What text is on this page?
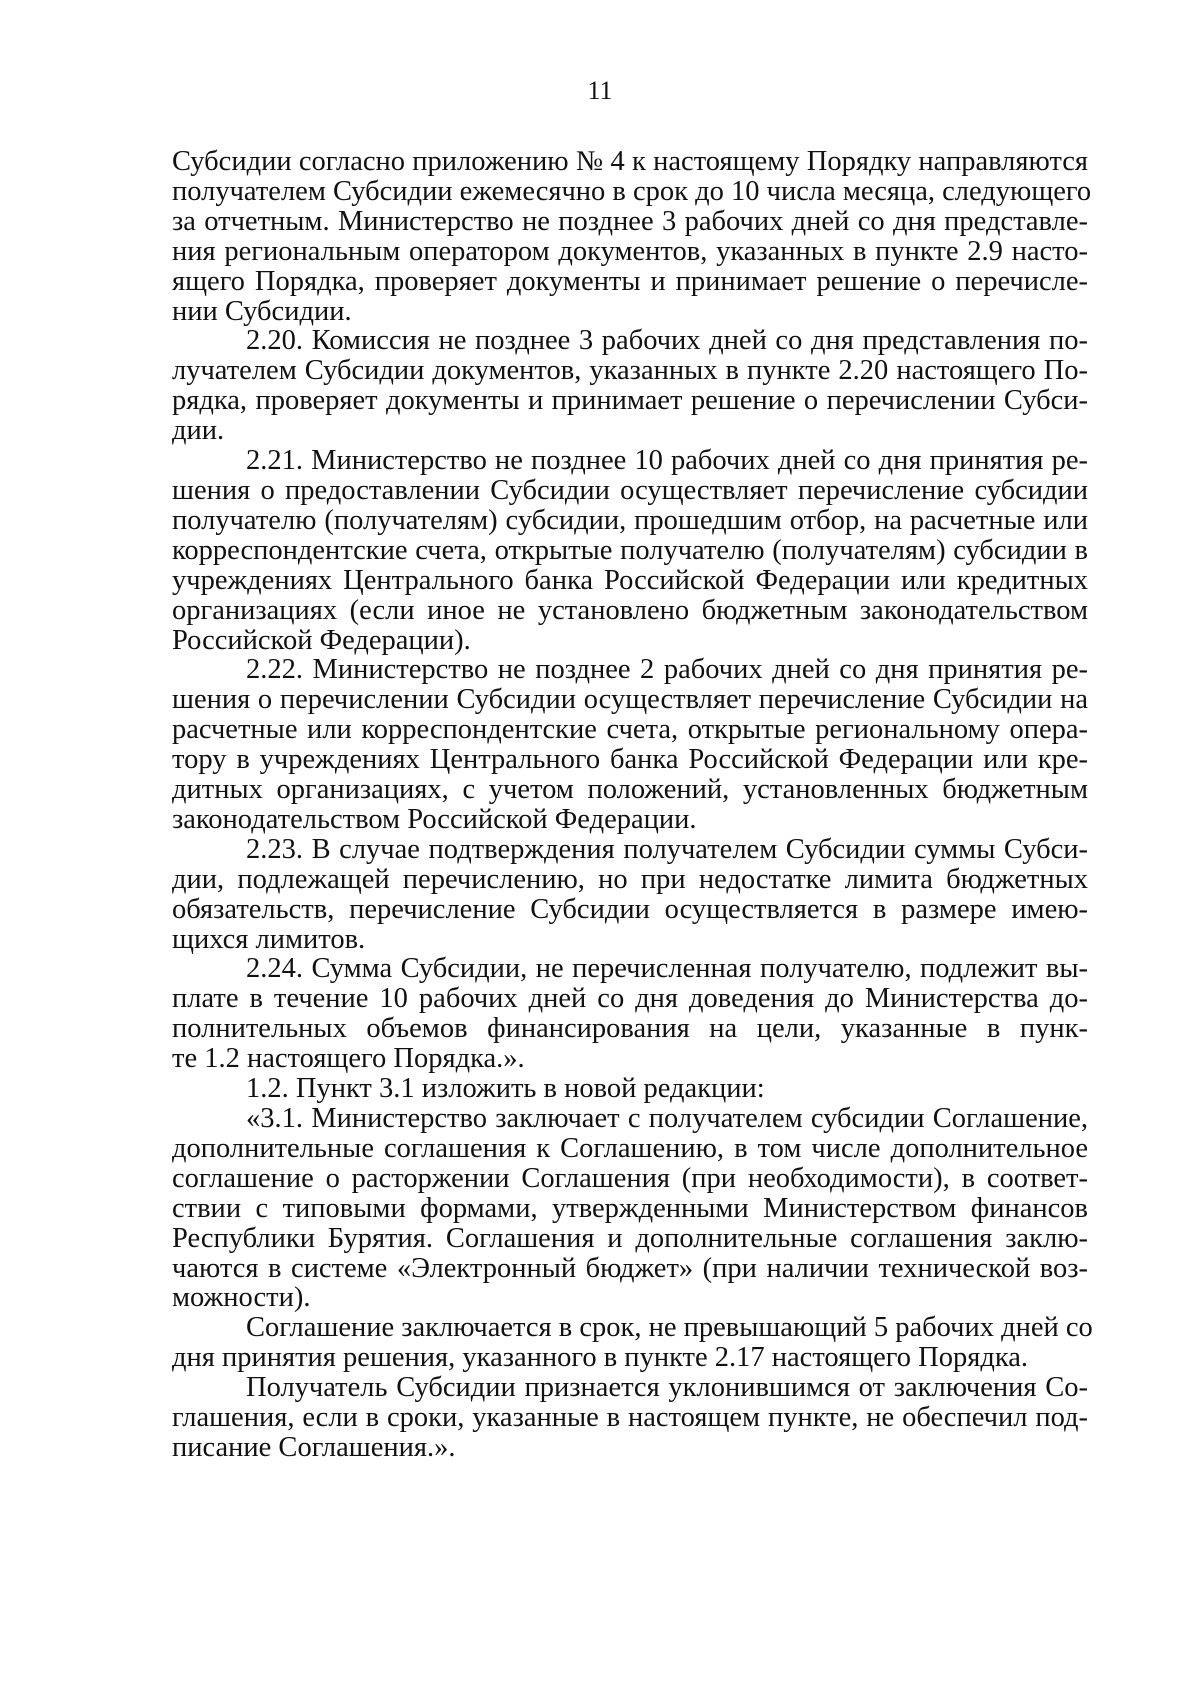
11
Субсидии согласно приложению № 4 к настоящему Порядку направляются
получателем Субсидии ежемесячно в срок до 10 числа месяца, следующего
за отчетным. Министерство не позднее 3 рабочих дней со дня представле-
ния региональным оператором документов, указанных в пункте 2.9 насто-
ящего Порядка, проверяет документы и принимает решение о перечисле-
нии Субсидии.
2.20. Комиссия не позднее 3 рабочих дней со дня представления по-
лучателем Субсидии документов, указанных в пункте 2.20 настоящего По-
рядка, проверяет документы и принимает решение о перечислении Субси-
дии.
2.21. Министерство не позднее 10 рабочих дней со дня принятия ре-
шения о предоставлении Субсидии осуществляет перечисление субсидии
получателю (получателям) субсидии, прошедшим отбор, на расчетные или
корреспондентские счета, открытые получателю (получателям) субсидии в
учреждениях Центрального банка Российской Федерации или кредитных
организациях (если иное не установлено бюджетным законодательством
Российской Федерации).
2.22. Министерство не позднее 2 рабочих дней со дня принятия ре-
шения о перечислении Субсидии осуществляет перечисление Субсидии на
расчетные или корреспондентские счета, открытые региональному опера-
тору в учреждениях Центрального банка Российской Федерации или кре-
дитных организациях, с учетом положений, установленных бюджетным
законодательством Российской Федерации.
2.23. В случае подтверждения получателем Субсидии суммы Субси-
дии, подлежащей перечислению, но при недостатке лимита бюджетных
обязательств, перечисление Субсидии осуществляется в размере имею-
щихся лимитов.
2.24. Сумма Субсидии, не перечисленная получателю, подлежит вы-
плате в течение 10 рабочих дней со дня доведения до Министерства до-
полнительных объемов финансирования на цели, указанные в пунк-
те 1.2 настоящего Порядка.».
1.2. Пункт 3.1 изложить в новой редакции:
«3.1. Министерство заключает с получателем субсидии Соглашение,
дополнительные соглашения к Соглашению, в том числе дополнительное
соглашение о расторжении Соглашения (при необходимости), в соответ-
ствии с типовыми формами, утвержденными Министерством финансов
Республики Бурятия. Соглашения и дополнительные соглашения заклю-
чаются в системе «Электронный бюджет» (при наличии технической воз-
можности).
Соглашение заключается в срок, не превышающий 5 рабочих дней со
дня принятия решения, указанного в пункте 2.17 настоящего Порядка.
Получатель Субсидии признается уклонившимся от заключения Со-
глашения, если в сроки, указанные в настоящем пункте, не обеспечил под-
писание Соглашения.».
